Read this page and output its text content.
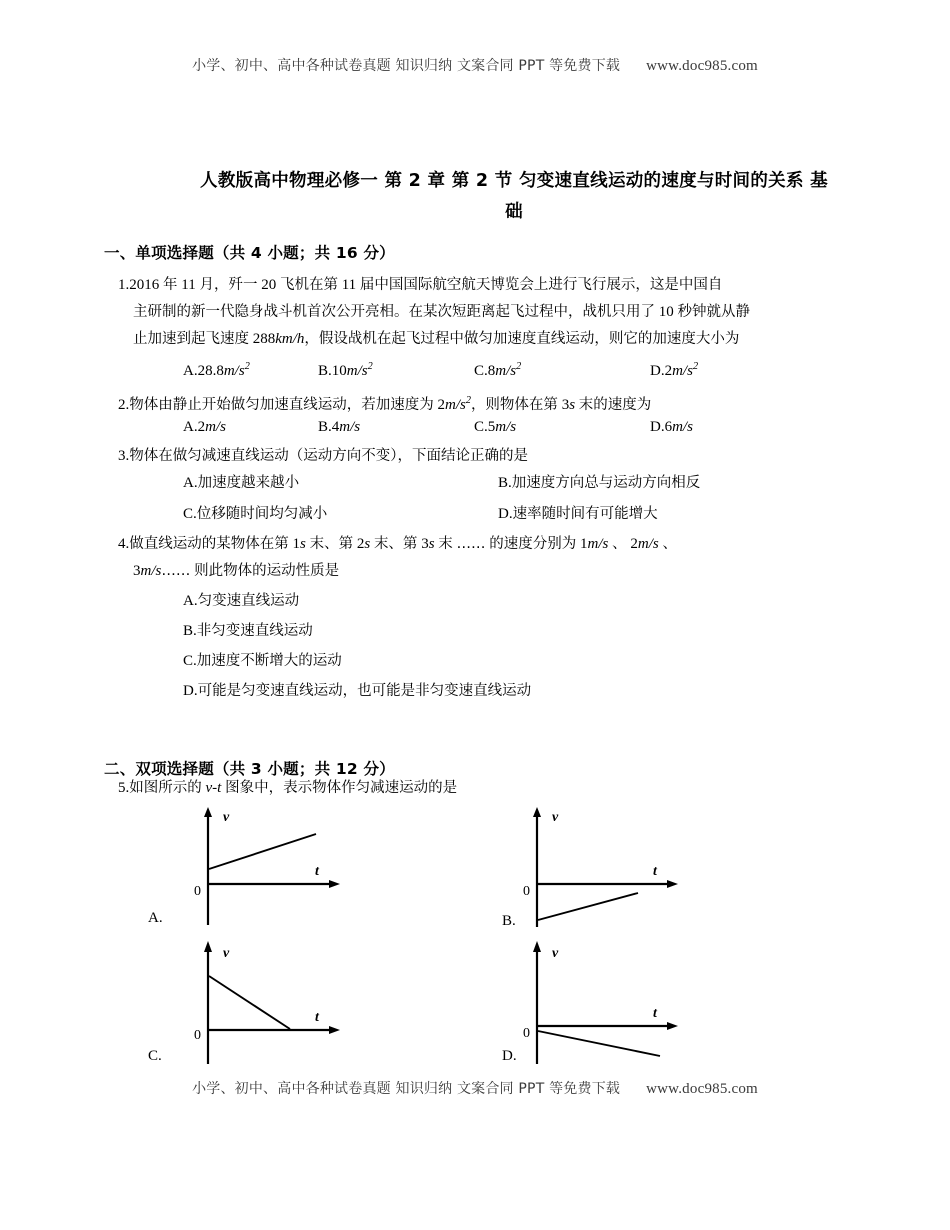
小学、初中、高中各种试卷真题 知识归纳 文案合同 PPT 等免费下载 www.doc985.com
人教版高中物理必修一 第 2 章 第 2 节 匀变速直线运动的速度与时间的关系 基
础
一、单项选择题（共 4 小题；共 16 分）
1.2016 年 11 月，歼一 20 飞机在第 11 届中国国际航空航天博览会上进行飞行展示，这是中国自
主研制的新一代隐身战斗机首次公开亮相。在某次短距离起飞过程中，战机只用了 10 秒钟就从静
止加速到起飞速度 288km/h，假设战机在起飞过程中做匀加速度直线运动，则它的加速度大小为
$A.28.8m/s^2$	$B.10m/s^2$	$C.8m/s^2$	$D.2m/s^2$
2.物体由静止开始做匀加速直线运动，若加速度为 $2m/s^2$，则物体在第 3s 末的速度为
A.2m/s	B.4m/s	C.5m/s	D.6m/s
3.物体在做匀减速直线运动（运动方向不变），下面结论正确的是
A.加速度越来越小	B.加速度方向总与运动方向相反
C.位移随时间均匀减小	D.速率随时间有可能增大
4.做直线运动的某物体在第 1s 末、第 2s 末、第 3s 末 …… 的速度分别为 1m/s 、 2m/s 、
3m/s…… 则此物体的运动性质是
A.匀变速直线运动
B.非匀变速直线运动
C.加速度不断增大的运动
D.可能是匀变速直线运动，也可能是非匀变速直线运动
二、双项选择题（共 3 小题；共 12 分）
5.如图所示的 v-t 图象中，表示物体作匀减速运动的是
v
t
0
A.
v
t
0
B.
v
t
0
C.
v
t
0
D.
小学、初中、高中各种试卷真题 知识归纳 文案合同 PPT 等免费下载 www.doc985.com
